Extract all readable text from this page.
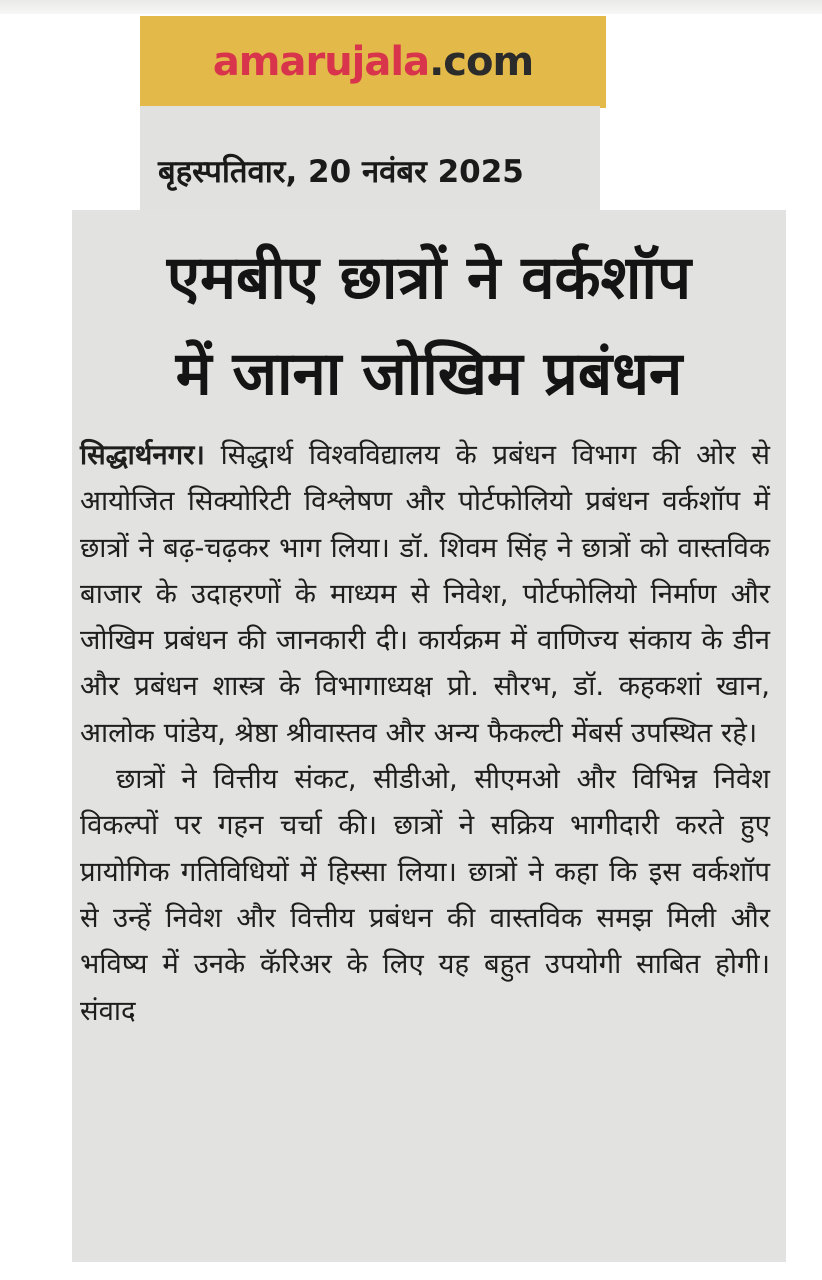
amarujala.com
बृहस्पतिवार, 20 नवंबर 2025
एमबीए छात्रों ने वर्कशॉप
में जाना जोखिम प्रबंधन

सिद्धार्थनगर। सिद्धार्थ विश्वविद्यालय के प्रबंधन विभाग की ओर से आयोजित सिक्योरिटी विश्लेषण और पोर्टफोलियो प्रबंधन वर्कशॉप में छात्रों ने बढ़-चढ़कर भाग लिया। डॉ. शिवम सिंह ने छात्रों को वास्तविक बाजार के उदाहरणों के माध्यम से निवेश, पोर्टफोलियो निर्माण और जोखिम प्रबंधन की जानकारी दी। कार्यक्रम में वाणिज्य संकाय के डीन और प्रबंधन शास्त्र के विभागाध्यक्ष प्रो. सौरभ, डॉ. कहकशां खान, आलोक पांडेय, श्रेष्ठा श्रीवास्तव और अन्य फैकल्टी मेंबर्स उपस्थित रहे।

छात्रों ने वित्तीय संकट, सीडीओ, सीएमओ और विभिन्न निवेश विकल्पों पर गहन चर्चा की। छात्रों ने सक्रिय भागीदारी करते हुए प्रायोगिक गतिविधियों में हिस्सा लिया। छात्रों ने कहा कि इस वर्कशॉप से उन्हें निवेश और वित्तीय प्रबंधन की वास्तविक समझ मिली और भविष्य में उनके कॅरिअर के लिए यह बहुत उपयोगी साबित होगी। संवाद
